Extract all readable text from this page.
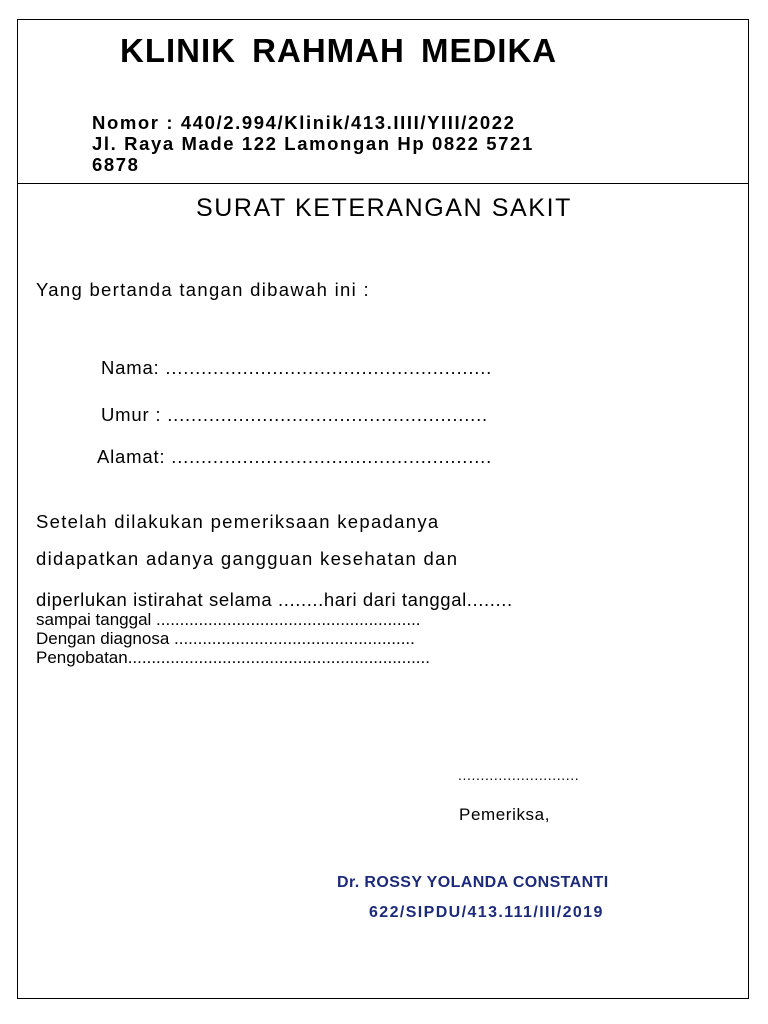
KLINIK RAHMAH MEDIKA
Nomor : 440/2.994/Klinik/413.IIII/YIII/2022
Jl. Raya Made 122 Lamongan Hp 0822 5721
6878
SURAT KETERANGAN SAKIT
Yang bertanda tangan dibawah ini :
Nama: .......................................................
Umur : ......................................................
Alamat: ......................................................
Setelah dilakukan pemeriksaan kepadanya
didapatkan adanya gangguan kesehatan dan
diperlukan istirahat selama ........hari dari tanggal........
sampai tanggal ........................................................
Dengan diagnosa ...................................................
Pengobatan................................................................
...........................
Pemeriksa,
Dr. ROSSY YOLANDA CONSTANTI
622/SIPDU/413.111/III/2019
